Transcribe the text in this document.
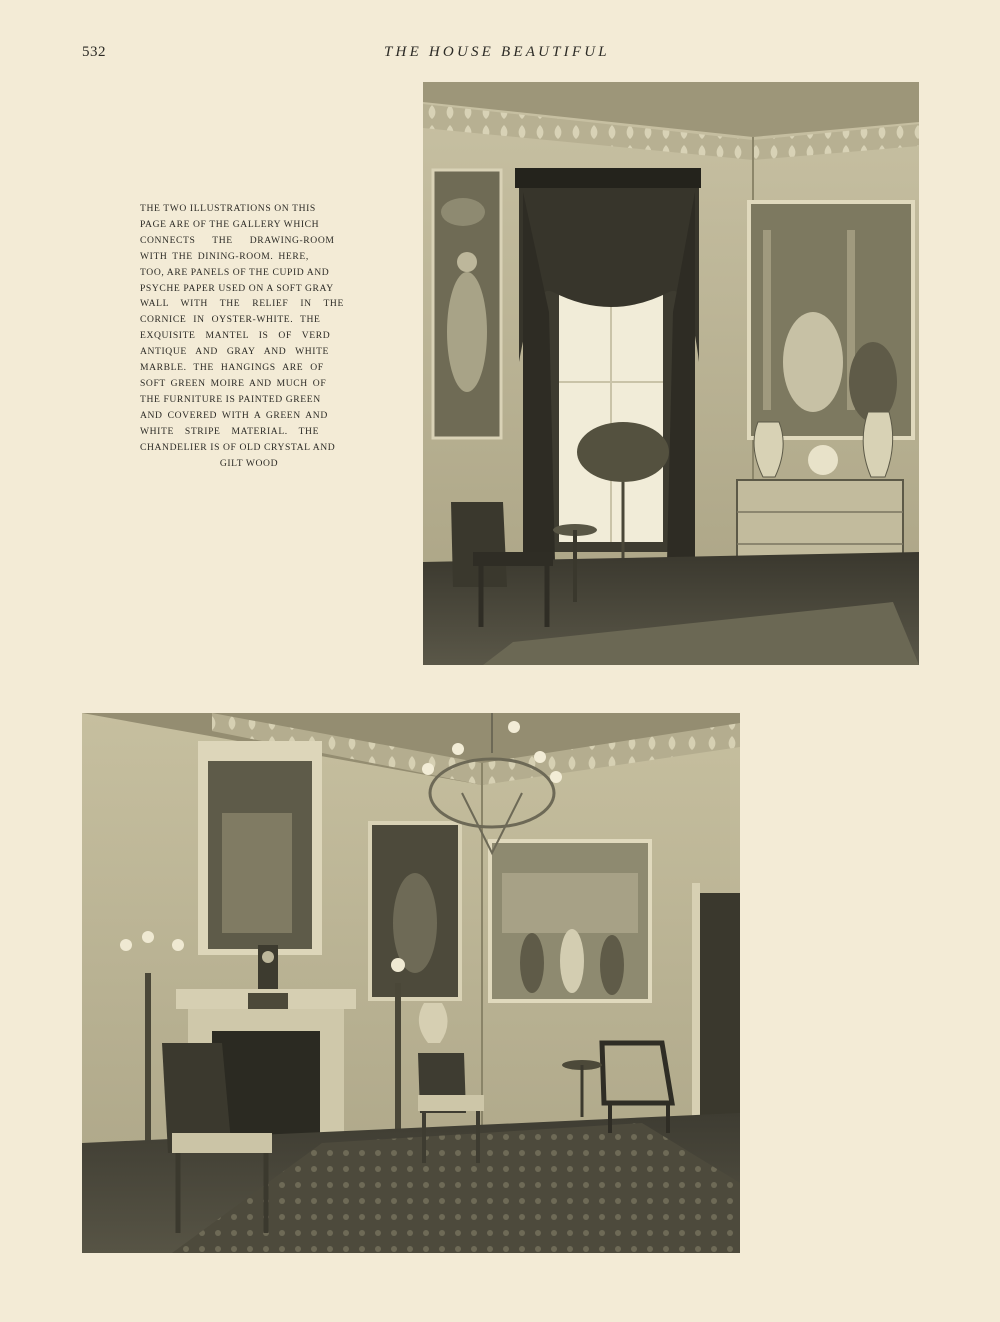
532	THE HOUSE BEAUTIFUL
THE TWO ILLUSTRATIONS ON THIS
PAGE ARE OF THE GALLERY WHICH
CONNECTS THE DRAWING-ROOM
WITH THE DINING-ROOM. HERE,
TOO, ARE PANELS OF THE CUPID AND
PSYCHE PAPER USED ON A SOFT GRAY
WALL WITH THE RELIEF IN THE
CORNICE IN OYSTER-WHITE. THE
EXQUISITE MANTEL IS OF VERD
ANTIQUE AND GRAY AND WHITE
MARBLE. THE HANGINGS ARE OF
SOFT GREEN MOIRE AND MUCH OF
THE FURNITURE IS PAINTED GREEN
AND COVERED WITH A GREEN AND
WHITE STRIPE MATERIAL. THE
CHANDELIER IS OF OLD CRYSTAL AND
GILT WOOD
